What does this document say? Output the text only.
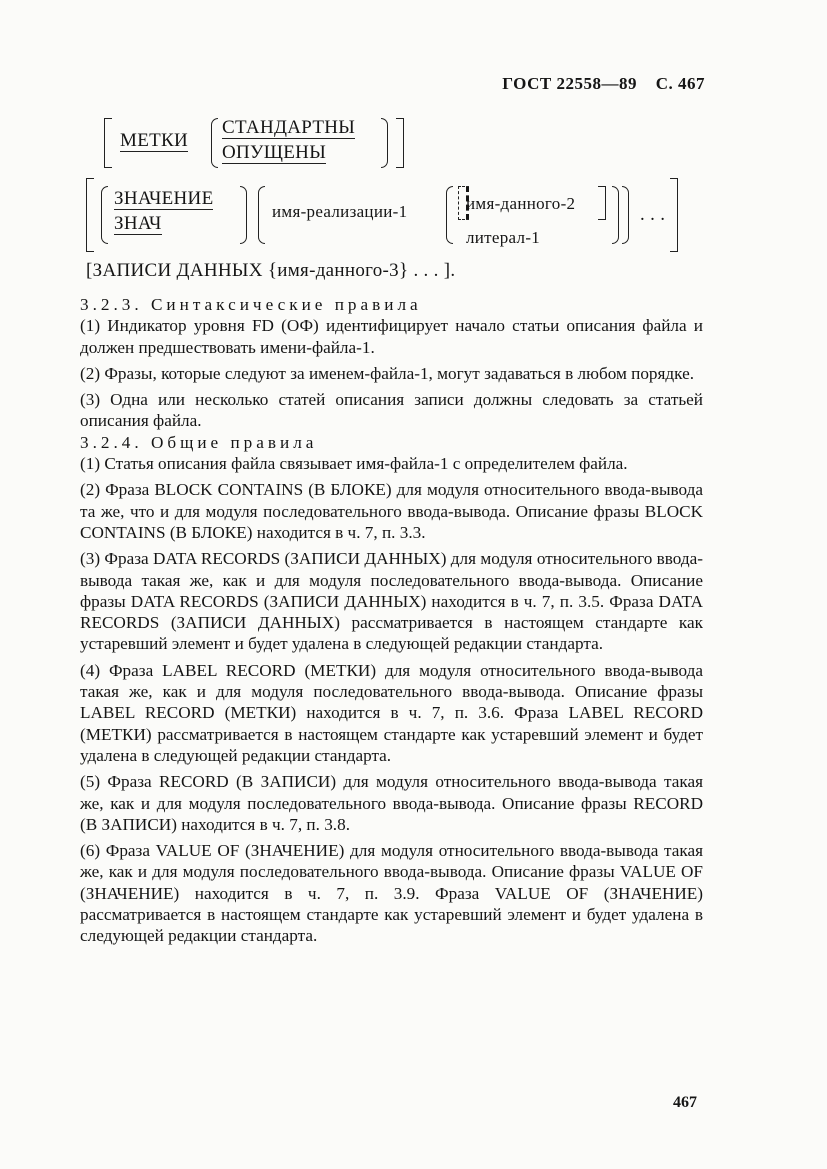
ГОСТ 22558—89 С. 467
МЕТКИ
СТАНДАРТНЫ
ОПУЩЕНЫ
ЗНАЧЕНИЕ
ЗНАЧ
имя-реализации-1	имя-данного-2
литерал-1
. . .
[ЗАПИСИ ДАННЫХ {имя-данного-3} . . . ].

3.2.3. Синтаксические правила

(1) Индикатор уровня FD (ОФ) идентифицирует начало статьи описания файла и должен предшествовать имени-файла-1.

(2) Фразы, которые следуют за именем-файла-1, могут задаваться в любом порядке.

(3) Одна или несколько статей описания записи должны следовать за статьей описания файла.

3.2.4. Общие правила

(1) Статья описания файла связывает имя-файла-1 с определителем файла.

(2) Фраза BLOCK CONTAINS (В БЛОКЕ) для модуля относительного ввода-вывода та же, что и для модуля последовательного ввода-вывода. Описание фразы BLOCK CONTAINS (В БЛОКЕ) находится в ч. 7, п. 3.3.

(3) Фраза DATA RECORDS (ЗАПИСИ ДАННЫХ) для модуля относительного ввода-вывода такая же, как и для модуля последовательного ввода-вывода. Описание фразы DATA RECORDS (ЗАПИСИ ДАННЫХ) находится в ч. 7, п. 3.5. Фраза DATA RECORDS (ЗАПИСИ ДАННЫХ) рассматривается в настоящем стандарте как устаревший элемент и будет удалена в следующей редакции стандарта.

(4) Фраза LABEL RECORD (МЕТКИ) для модуля относительного ввода-вывода такая же, как и для модуля последовательного ввода-вывода. Описание фразы LABEL RECORD (МЕТКИ) находится в ч. 7, п. 3.6. Фраза LABEL RECORD (МЕТКИ) рассматривается в настоящем стандарте как устаревший элемент и будет удалена в следующей редакции стандарта.

(5) Фраза RECORD (В ЗАПИСИ) для модуля относительного ввода-вывода такая же, как и для модуля последовательного ввода-вывода. Описание фразы RECORD (В ЗАПИСИ) находится в ч. 7, п. 3.8.

(6) Фраза VALUE OF (ЗНАЧЕНИЕ) для модуля относительного ввода-вывода такая же, как и для модуля последовательного ввода-вывода. Описание фразы VALUE OF (ЗНАЧЕНИЕ) находится в ч. 7, п. 3.9. Фраза VALUE OF (ЗНАЧЕНИЕ) рассматривается в настоящем стандарте как устаревший элемент и будет удалена в следующей редакции стандарта.

467
